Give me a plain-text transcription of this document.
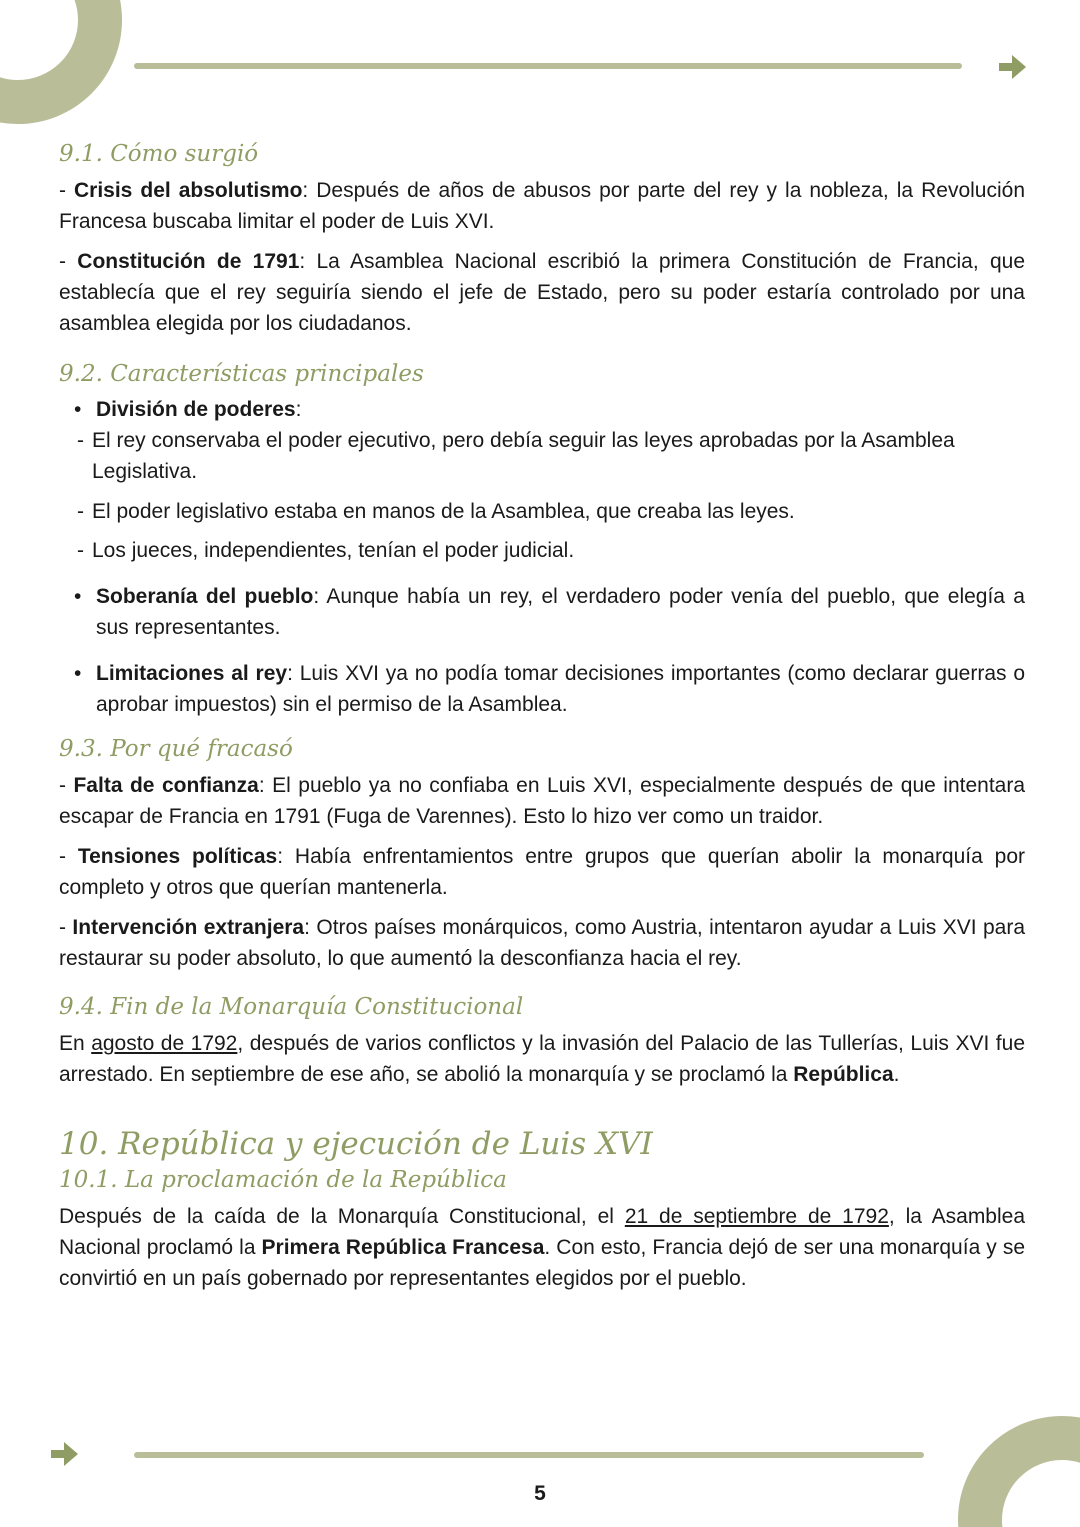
9.1. Cómo surgió

- Crisis del absolutismo: Después de años de abusos por parte del rey y la nobleza, la Revolución Francesa buscaba limitar el poder de Luis XVI.

- Constitución de 1791: La Asamblea Nacional escribió la primera Constitución de Francia, que establecía que el rey seguiría siendo el jefe de Estado, pero su poder estaría controlado por una asamblea elegida por los ciudadanos.

9.2. Características principales
• División de poderes:
- El rey conservaba el poder ejecutivo, pero debía seguir las leyes aprobadas por la Asamblea Legislativa.
- El poder legislativo estaba en manos de la Asamblea, que creaba las leyes.
- Los jueces, independientes, tenían el poder judicial.
• Soberanía del pueblo: Aunque había un rey, el verdadero poder venía del pueblo, que elegía a sus representantes.
• Limitaciones al rey: Luis XVI ya no podía tomar decisiones importantes (como declarar guerras o aprobar impuestos) sin el permiso de la Asamblea.
9.3. Por qué fracasó

- Falta de confianza: El pueblo ya no confiaba en Luis XVI, especialmente después de que intentara escapar de Francia en 1791 (Fuga de Varennes). Esto lo hizo ver como un traidor.

- Tensiones políticas: Había enfrentamientos entre grupos que querían abolir la monarquía por completo y otros que querían mantenerla.

- Intervención extranjera: Otros países monárquicos, como Austria, intentaron ayudar a Luis XVI para restaurar su poder absoluto, lo que aumentó la desconfianza hacia el rey.

9.4. Fin de la Monarquía Constitucional

En agosto de 1792, después de varios conflictos y la invasión del Palacio de las Tullerías, Luis XVI fue arrestado. En septiembre de ese año, se abolió la monarquía y se proclamó la República.

10. República y ejecución de Luis XVI
10.1. La proclamación de la República

Después de la caída de la Monarquía Constitucional, el 21 de septiembre de 1792, la Asamblea Nacional proclamó la Primera República Francesa. Con esto, Francia dejó de ser una monarquía y se convirtió en un país gobernado por representantes elegidos por el pueblo.

5
